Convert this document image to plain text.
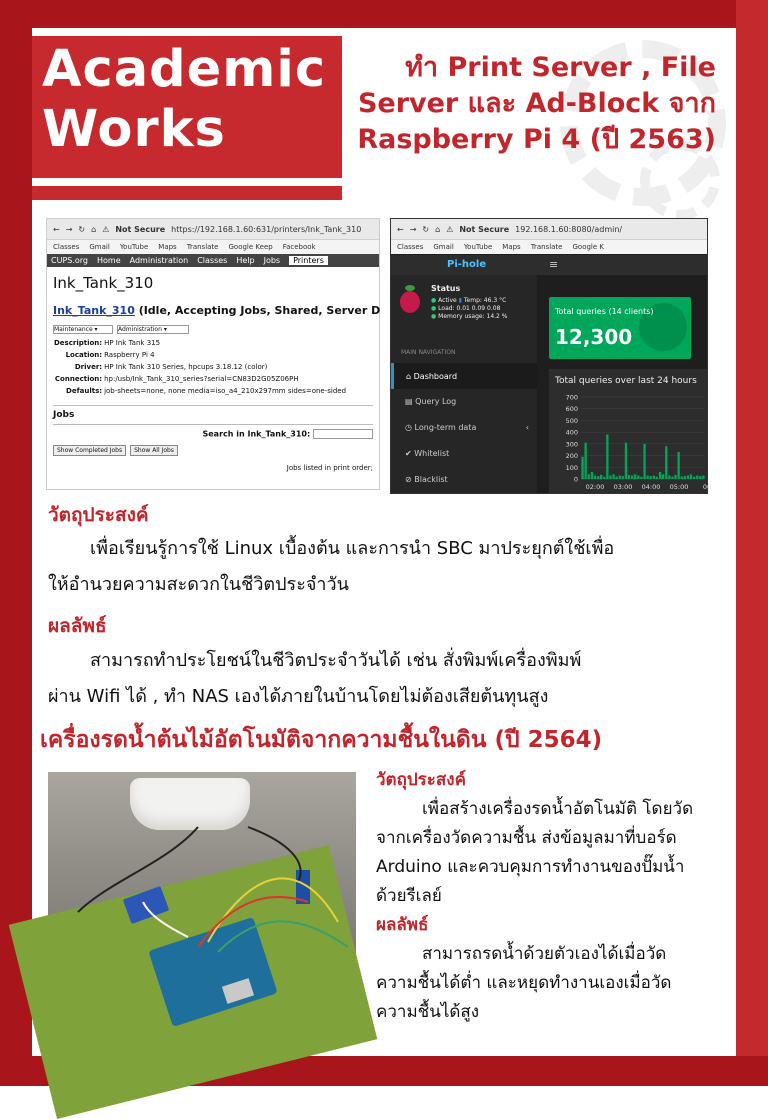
Academic
Works
ทำ Print Server , File Server และ Ad-Block จาก Raspberry Pi 4 (ปี 2563)
← → ↻ ⌂ ⚠ Not Secure https://192.168.1.60:631/printers/Ink_Tank_310
Classes Gmail YouTube Maps Translate Google Keep Facebook
CUPS.org Home Administration Classes Help Jobs	Printers
Ink_Tank_310
Ink_Tank_310 (Idle, Accepting Jobs, Shared, Server D
Maintenance ▾	Administration ▾
Description:	HP Ink Tank 315
Location:	Raspberry Pi 4
Driver:	HP Ink Tank 310 Series, hpcups 3.18.12 (color)
Connection:	hp:/usb/Ink_Tank_310_series?serial=CN83D2G05Z06PH
Defaults:	job-sheets=none, none media=iso_a4_210x297mm sides=one-sided
Jobs
Search in Ink_Tank_310:
Show Completed Jobs	Show All Jobs
Jobs listed in print order;
← → ↻ ⌂ ⚠ Not Secure 192.168.1.60:8080/admin/
Classes Gmail YouTube Maps Translate Google K
Pi-hole	≡
Status
● Active ▮ Temp: 46.3 °C
● Load: 0.01 0.09 0.08
● Memory usage: 14.2 %
MAIN NAVIGATION
⌂ Dashboard
▤ Query Log
◷ Long-term data	‹
✔ Whitelist
⊘ Blacklist
Total queries (14 clients)
12,300
Total queries over last 24 hours
0
100
200
300
400
500
600
700
02:00 03:00 04:00 05:00 06
วัตถุประสงค์
เพื่อเรียนรู้การใช้ Linux เบื้องต้น และการนำ SBC มาประยุกต์ใช้เพื่อ
ให้อำนวยความสะดวกในชีวิตประจำวัน
ผลลัพธ์
สามารถทำประโยชน์ในชีวิตประจำวันได้ เช่น สั่งพิมพ์เครื่องพิมพ์
ผ่าน Wifi ได้ , ทำ NAS เองได้ภายในบ้านโดยไม่ต้องเสียต้นทุนสูง
เครื่องรดน้ำต้นไม้อัตโนมัติจากความชื้นในดิน (ปี 2564)
วัตถุประสงค์
เพื่อสร้างเครื่องรดน้ำอัตโนมัติ โดยวัด
จากเครื่องวัดความชื้น ส่งข้อมูลมาที่บอร์ด
Arduino และควบคุมการทำงานของปั๊มน้ำ
ด้วยรีเลย์
ผลลัพธ์
สามารถรดน้ำด้วยตัวเองได้เมื่อวัด
ความชื้นได้ต่ำ และหยุดทำงานเองเมื่อวัด
ความชื้นได้สูง
